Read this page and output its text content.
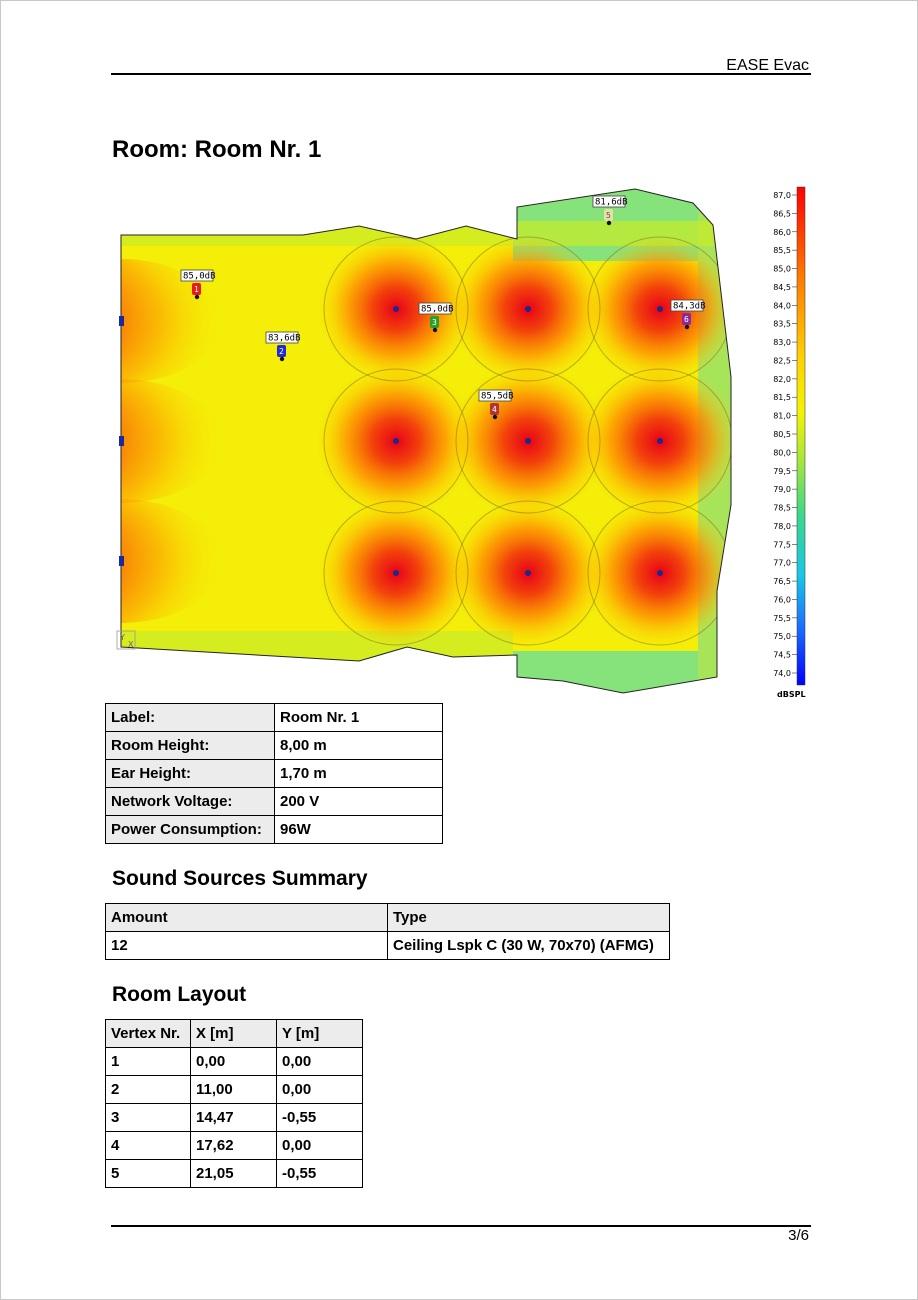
EASE Evac
Room: Room Nr. 1
Y
X
85,0dB
1
83,6dB
2
85,0dB
3
85,5dB
4
81,6dB
5
84,3dB
6
87,0
86,5
86,0
85,5
85,0
84,5
84,0
83,5
83,0
82,5
82,0
81,5
81,0
80,5
80,0
79,5
79,0
78,5
78,0
77,5
77,0
76,5
76,0
75,5
75,0
74,5
74,0
dBSPL
Label:	Room Nr. 1
Room Height:	8,00 m
Ear Height:	1,70 m
Network Voltage:	200 V
Power Consumption:	96W
Sound Sources Summary
Amount	Type
12	Ceiling Lspk C (30 W, 70x70) (AFMG)
Room Layout
Vertex Nr.	X [m]	Y [m]
1	0,00	0,00
2	11,00	0,00
3	14,47	-0,55
4	17,62	0,00
5	21,05	-0,55
3/6
